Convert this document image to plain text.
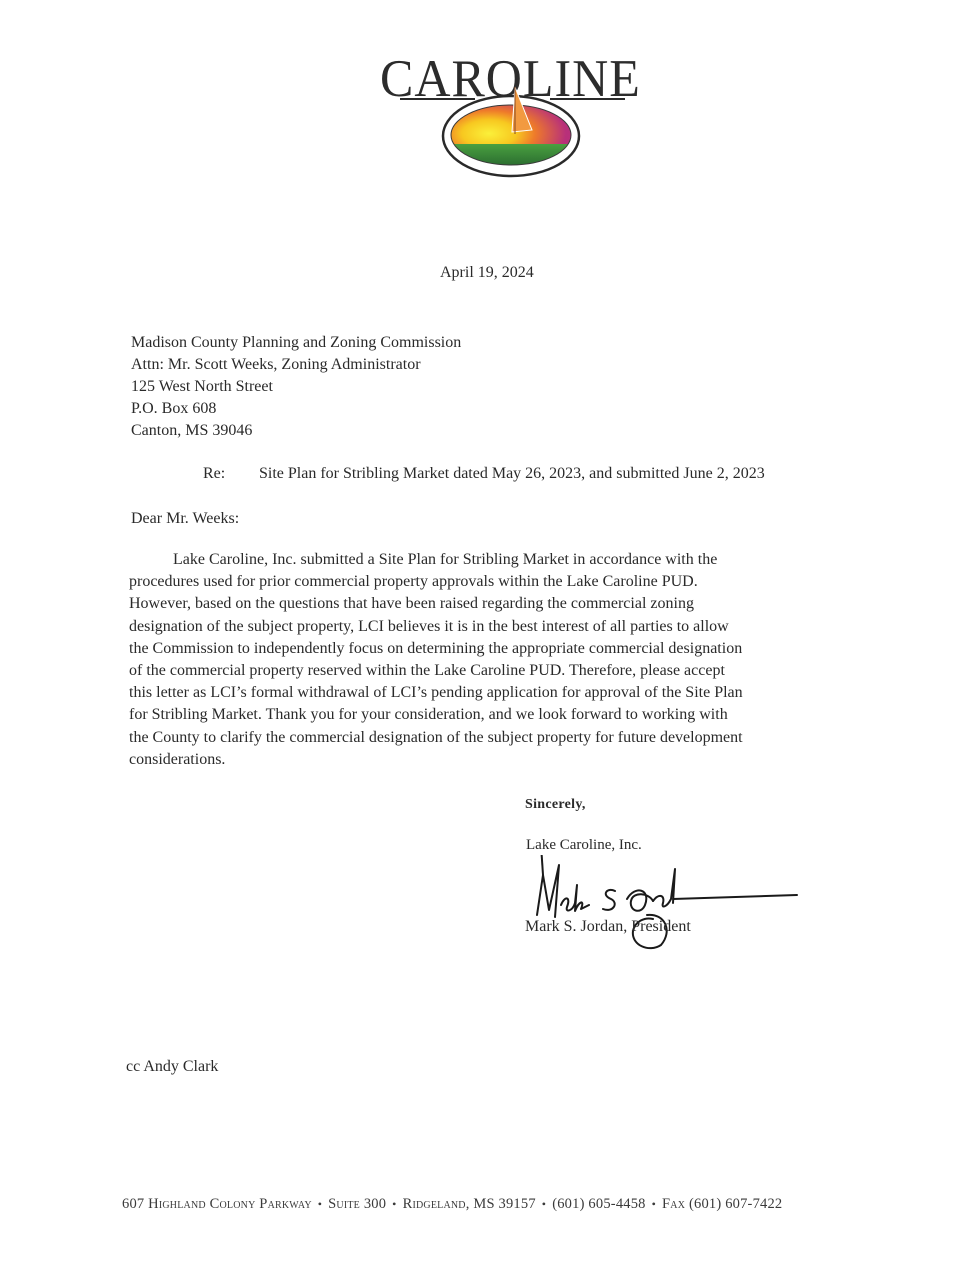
CAROLINE
April 19, 2024
Madison County Planning and Zoning Commission
Attn: Mr. Scott Weeks, Zoning Administrator
125 West North Street
P.O. Box 608
Canton, MS 39046
Re: Site Plan for Stribling Market dated May 26, 2023, and submitted June 2, 2023
Dear Mr. Weeks:
Lake Caroline, Inc. submitted a Site Plan for Stribling Market in accordance with the
procedures used for prior commercial property approvals within the Lake Caroline PUD.
However, based on the questions that have been raised regarding the commercial zoning
designation of the subject property, LCI believes it is in the best interest of all parties to allow
the Commission to independently focus on determining the appropriate commercial designation
of the commercial property reserved within the Lake Caroline PUD. Therefore, please accept
this letter as LCI’s formal withdrawal of LCI’s pending application for approval of the Site Plan
for Stribling Market. Thank you for your consideration, and we look forward to working with
the County to clarify the commercial designation of the subject property for future development
considerations.
Sincerely,
Lake Caroline, Inc.
Mark S. Jordan, President
cc Andy Clark
607 Highland Colony Parkway • Suite 300 • Ridgeland, MS 39157 • (601) 605-4458 • Fax (601) 607-7422
